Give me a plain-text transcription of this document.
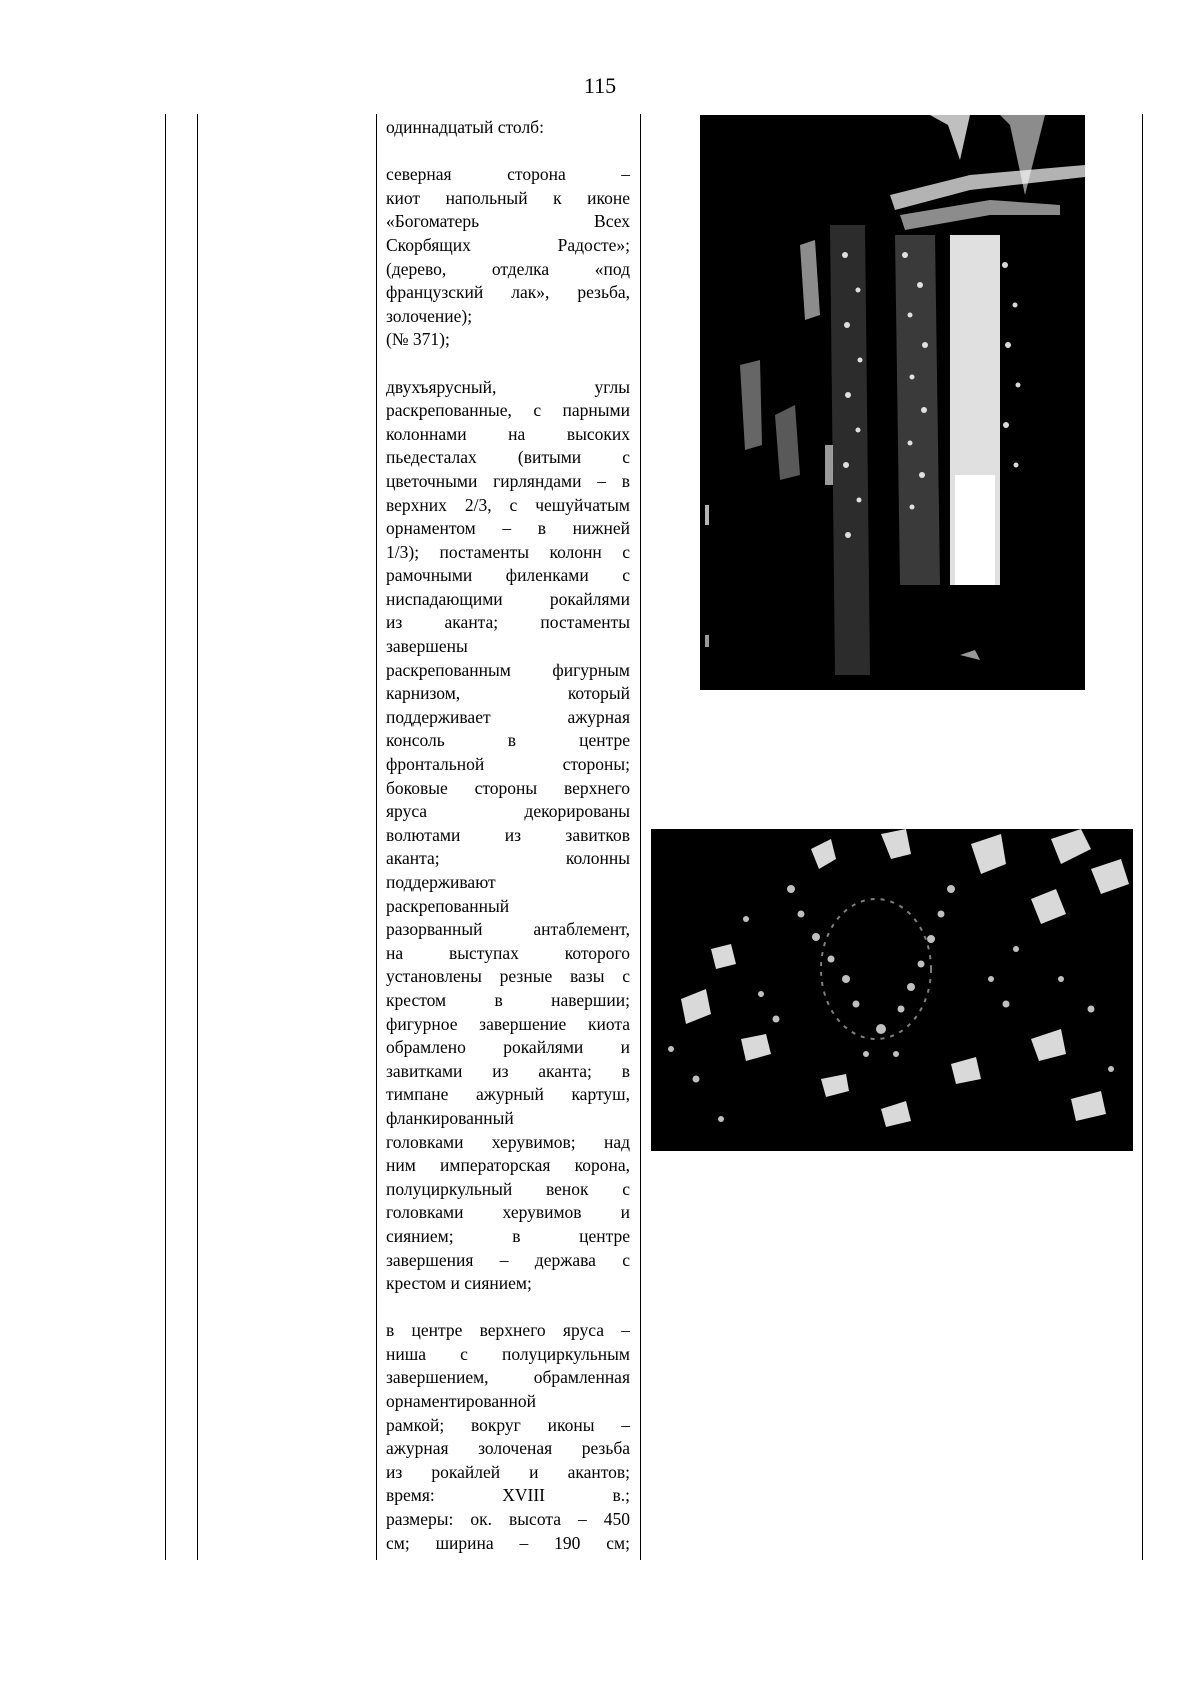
115

одиннадцатый столб:

северная сторона –
киот напольный к иконе
«Богоматерь Всех
Скорбящих Радосте»;
(дерево, отделка «под
французский лак», резьба,
золочение);
(№ 371);
двухъярусный, углы
раскрепованные, с парными
колоннами на высоких
пьедесталах (витыми с
цветочными гирляндами – в
верхних 2/3, с чешуйчатым
орнаментом – в нижней
1/3); постаменты колонн с
рамочными филенками с
ниспадающими рокайлями
из аканта; постаменты
завершены
раскрепованным фигурным
карнизом, который
поддерживает ажурная
консоль в центре
фронтальной стороны;
боковые стороны верхнего
яруса декорированы
волютами из завитков
аканта; колонны
поддерживают
раскрепованный
разорванный антаблемент,
на выступах которого
установлены резные вазы с
крестом в навершии;
фигурное завершение киота
обрамлено рокайлями и
завитками из аканта; в
тимпане ажурный картуш,
фланкированный
головками херувимов; над
ним императорская корона,
полуциркульный венок с
головками херувимов и
сиянием; в центре
завершения – держава с
крестом и сиянием;
в центре верхнего яруса –
ниша с полуциркульным
завершением, обрамленная
орнаментированной
рамкой; вокруг иконы –
ажурная золоченая резьба
из рокайлей и акантов;
время: XVIII в.;
размеры: ок. высота – 450
см; ширина – 190 см;
